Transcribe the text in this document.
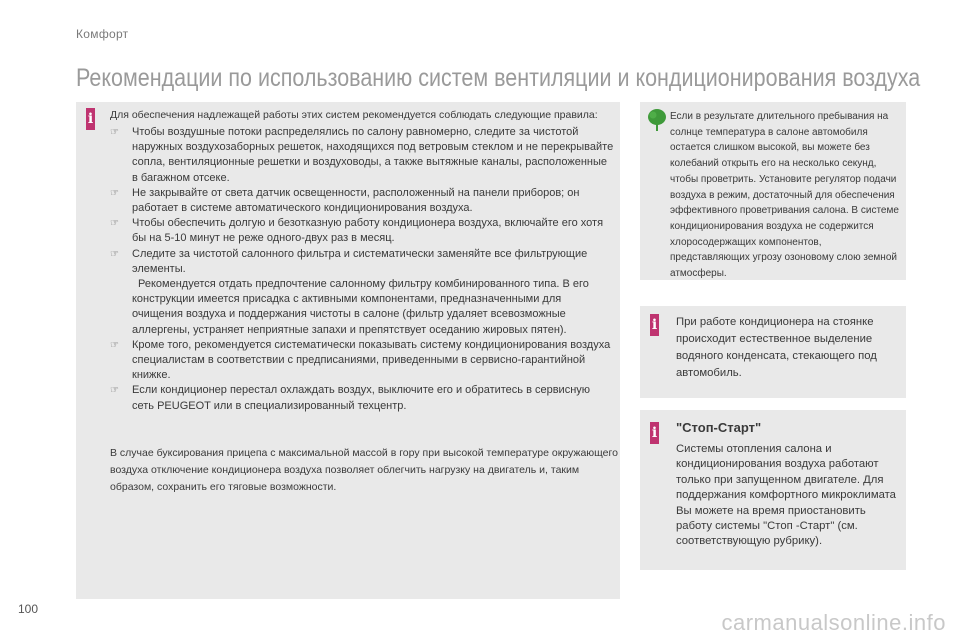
Комфорт
Рекомендации по использованию систем вентиляции и кондиционирования воздуха
i Для обеспечения надлежащей работы этих систем рекомендуется соблюдать следующие правила:
☞ Чтобы воздушные потоки распределялись по салону равномерно, следите за чистотой наружных воздухозаборных решеток, находящихся под ветровым стеклом и не перекрывайте сопла, вентиляционные решетки и воздуховоды, а также вытяжные каналы, расположенные в багажном отсеке.
☞ Не закрывайте от света датчик освещенности, расположенный на панели приборов; он работает в системе автоматического кондиционирования воздуха.
☞ Чтобы обеспечить долгую и безотказную работу кондиционера воздуха, включайте его хотя бы на 5-10 минут не реже одного-двух раз в месяц.
☞ Следите за чистотой салонного фильтра и систематически заменяйте все фильтрующие элементы.

Рекомендуется отдать предпочтение салонному фильтру комбинированного типа. В его конструкции имеется присадка с активными компонентами, предназначенными для очищения воздуха и поддержания чистоты в салоне (фильтр удаляет всевозможные аллергены, устраняет неприятные запахи и препятствует оседанию жировых пятен).

☞ Кроме того, рекомендуется систематически показывать систему кондиционирования воздуха специалистам в соответствии с предписаниями, приведенными в сервисно-гарантийной книжке.
☞ Если кондиционер перестал охлаждать воздух, выключите его и обратитесь в сервисную сеть PEUGEOT или в специализированный техцентр.
В случае буксирования прицепа с максимальной массой в гору при высокой температуре окружающего воздуха отключение кондиционера воздуха позволяет облегчить нагрузку на двигатель и, таким образом, сохранить его тяговые возможности.
Если в результате длительного пребывания на солнце температура в салоне автомобиля остается слишком высокой, вы можете без колебаний открыть его на несколько секунд, чтобы проветрить. Установите регулятор подачи воздуха в режим, достаточный для обеспечения эффективного проветривания салона. В системе кондиционирования воздуха не содержится хлоросодержащих компонентов, представляющих угрозу озоновому слою земной атмосферы.
i При работе кондиционера на стоянке происходит естественное выделение водяного конденсата, стекающего под автомобиль.
i "Стоп-Старт"
Системы отопления салона и кондиционирования воздуха работают только при запущенном двигателе. Для поддержания комфортного микроклимата Вы можете на время приостановить работу системы "Стоп -Старт" (см. соответствующую рубрику).
100
carmanualsonline.info
